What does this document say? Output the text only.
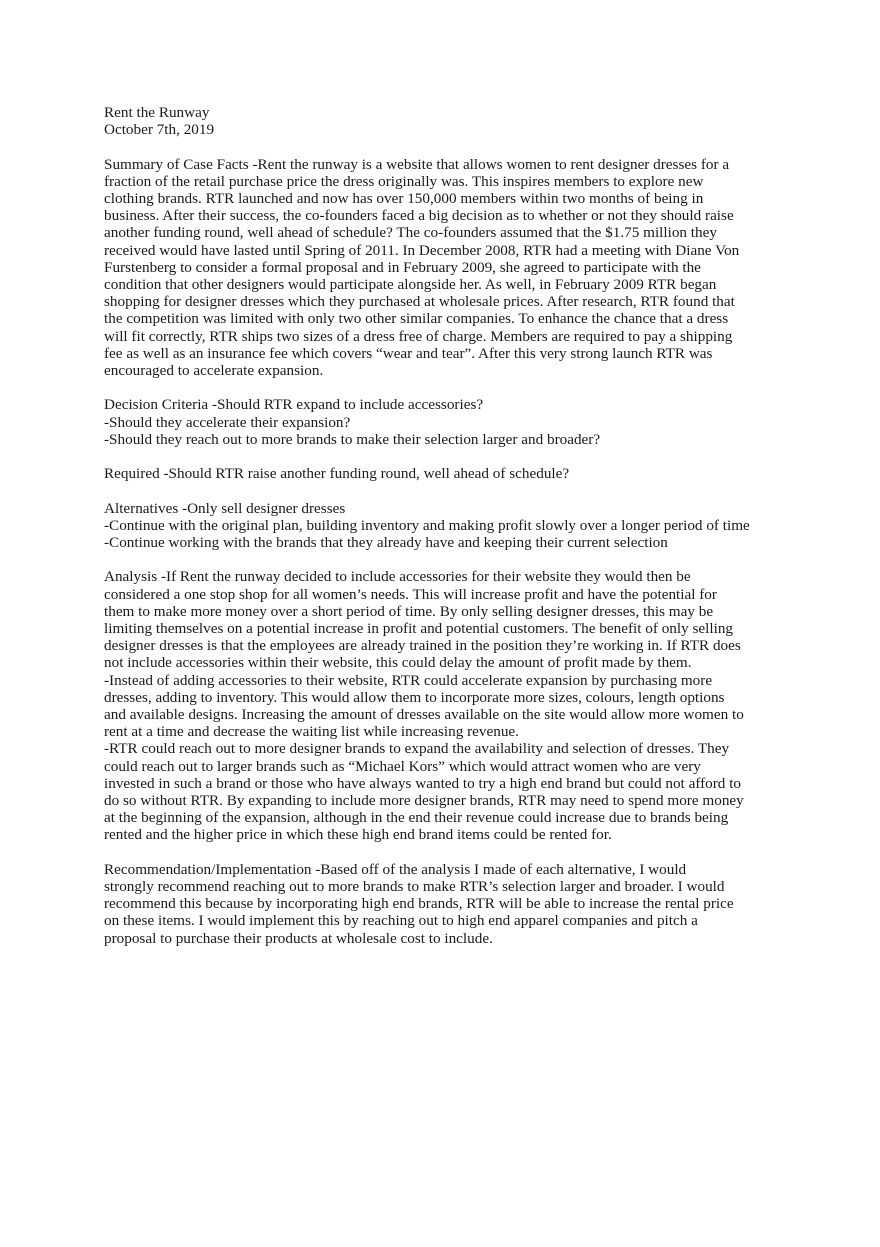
Rent the Runway
October 7th, 2019
Summary of Case Facts -Rent the runway is a website that allows women to rent designer dresses for a
fraction of the retail purchase price the dress originally was. This inspires members to explore new
clothing brands. RTR launched and now has over 150,000 members within two months of being in
business. After their success, the co-founders faced a big decision as to whether or not they should raise
another funding round, well ahead of schedule? The co-founders assumed that the $1.75 million they
received would have lasted until Spring of 2011. In December 2008, RTR had a meeting with Diane Von
Furstenberg to consider a formal proposal and in February 2009, she agreed to participate with the
condition that other designers would participate alongside her. As well, in February 2009 RTR began
shopping for designer dresses which they purchased at wholesale prices. After research, RTR found that
the competition was limited with only two other similar companies. To enhance the chance that a dress
will fit correctly, RTR ships two sizes of a dress free of charge. Members are required to pay a shipping
fee as well as an insurance fee which covers “wear and tear”. After this very strong launch RTR was
encouraged to accelerate expansion.
Decision Criteria -Should RTR expand to include accessories?
-Should they accelerate their expansion?
-Should they reach out to more brands to make their selection larger and broader?
Required -Should RTR raise another funding round, well ahead of schedule?
Alternatives -Only sell designer dresses
-Continue with the original plan, building inventory and making profit slowly over a longer period of time
-Continue working with the brands that they already have and keeping their current selection
Analysis -If Rent the runway decided to include accessories for their website they would then be
considered a one stop shop for all women’s needs. This will increase profit and have the potential for
them to make more money over a short period of time. By only selling designer dresses, this may be
limiting themselves on a potential increase in profit and potential customers. The benefit of only selling
designer dresses is that the employees are already trained in the position they’re working in. If RTR does
not include accessories within their website, this could delay the amount of profit made by them.
-Instead of adding accessories to their website, RTR could accelerate expansion by purchasing more
dresses, adding to inventory. This would allow them to incorporate more sizes, colours, length options
and available designs. Increasing the amount of dresses available on the site would allow more women to
rent at a time and decrease the waiting list while increasing revenue.
-RTR could reach out to more designer brands to expand the availability and selection of dresses. They
could reach out to larger brands such as “Michael Kors” which would attract women who are very
invested in such a brand or those who have always wanted to try a high end brand but could not afford to
do so without RTR. By expanding to include more designer brands, RTR may need to spend more money
at the beginning of the expansion, although in the end their revenue could increase due to brands being
rented and the higher price in which these high end brand items could be rented for.
Recommendation/Implementation -Based off of the analysis I made of each alternative, I would
strongly recommend reaching out to more brands to make RTR’s selection larger and broader. I would
recommend this because by incorporating high end brands, RTR will be able to increase the rental price
on these items. I would implement this by reaching out to high end apparel companies and pitch a
proposal to purchase their products at wholesale cost to include.
